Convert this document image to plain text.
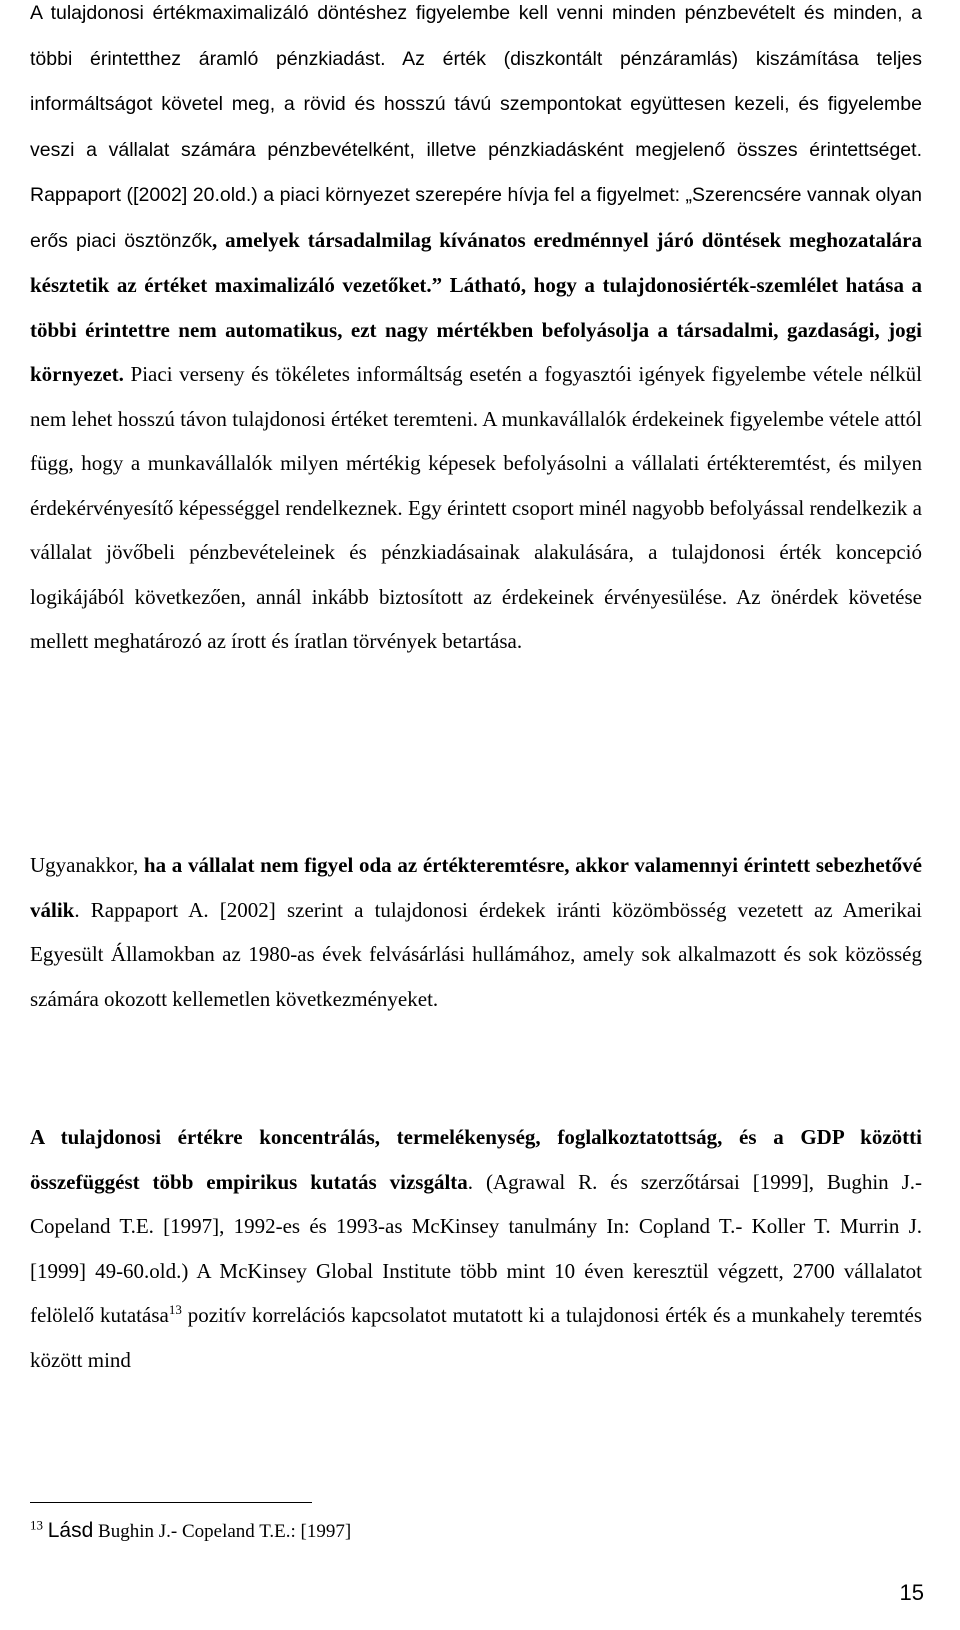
A tulajdonosi értékmaximalizáló döntéshez figyelembe kell venni minden pénzbevételt és minden, a többi érintetthez áramló pénzkiadást. Az érték (diszkontált pénzáramlás) kiszámítása teljes informáltságot követel meg, a rövid és hosszú távú szempontokat együttesen kezeli, és figyelembe veszi a vállalat számára pénzbevételként, illetve pénzkiadásként megjelenő összes érintettséget. Rappaport ([2002] 20.old.) a piaci környezet szerepére hívja fel a figyelmet: „Szerencsére vannak olyan erős piaci ösztönzők, amelyek társadalmilag kívánatos eredménnyel járó döntések meghozatalára késztetik az értéket maximalizáló vezetőket.” Látható, hogy a tulajdonosiérték-szemlélet hatása a többi érintettre nem automatikus, ezt nagy mértékben befolyásolja a társadalmi, gazdasági, jogi környezet. Piaci verseny és tökéletes informáltság esetén a fogyasztói igények figyelembe vétele nélkül nem lehet hosszú távon tulajdonosi értéket teremteni. A munkavállalók érdekeinek figyelembe vétele attól függ, hogy a munkavállalók milyen mértékig képesek befolyásolni a vállalati értékteremtést, és milyen érdekérvényesítő képességgel rendelkeznek. Egy érintett csoport minél nagyobb befolyással rendelkezik a vállalat jövőbeli pénzbevételeinek és pénzkiadásainak alakulására, a tulajdonosi érték koncepció logikájából következően, annál inkább biztosított az érdekeinek érvényesülése. Az önérdek követése mellett meghatározó az írott és íratlan törvények betartása.

Ugyanakkor, ha a vállalat nem figyel oda az értékteremtésre, akkor valamennyi érintett sebezhetővé válik. Rappaport A. [2002] szerint a tulajdonosi érdekek iránti közömbösség vezetett az Amerikai Egyesült Államokban az 1980-as évek felvásárlási hullámához, amely sok alkalmazott és sok közösség számára okozott kellemetlen következményeket.

A tulajdonosi értékre koncentrálás, termelékenység, foglalkoztatottság, és a GDP közötti összefüggést több empirikus kutatás vizsgálta. (Agrawal R. és szerzőtársai [1999], Bughin J.- Copeland T.E. [1997], 1992-es és 1993-as McKinsey tanulmány In: Copland T.- Koller T. Murrin J. [1999] 49-60.old.) A McKinsey Global Institute több mint 10 éven keresztül végzett, 2700 vállalatot felölelő kutatása$^{13}$ pozitív korrelációs kapcsolatot mutatott ki a tulajdonosi érték és a munkahely teremtés között mind

$^{13}$ Lásd Bughin J.- Copeland T.E.: [1997]

15
